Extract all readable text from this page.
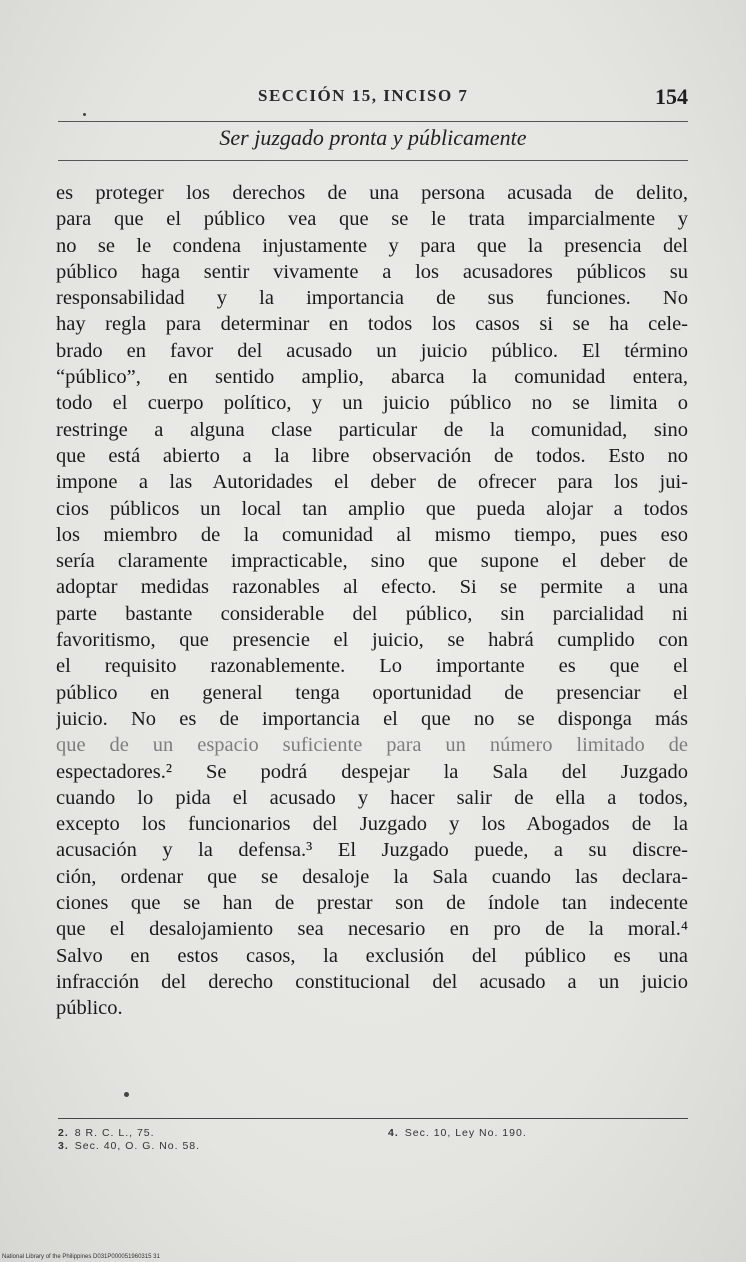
SECCIÓN 15, INCISO 7	154
Ser juzgado pronta y públicamente
es proteger los derechos de una persona acusada de delito,
para que el público vea que se le trata imparcialmente y
no se le condena injustamente y para que la presencia del
público haga sentir vivamente a los acusadores públicos su
responsabilidad y la importancia de sus funciones. No
hay regla para determinar en todos los casos si se ha cele-
brado en favor del acusado un juicio público. El término
“público”, en sentido amplio, abarca la comunidad entera,
todo el cuerpo político, y un juicio público no se limita o
restringe a alguna clase particular de la comunidad, sino
que está abierto a la libre observación de todos. Esto no
impone a las Autoridades el deber de ofrecer para los jui-
cios públicos un local tan amplio que pueda alojar a todos
los miembro de la comunidad al mismo tiempo, pues eso
sería claramente impracticable, sino que supone el deber de
adoptar medidas razonables al efecto. Si se permite a una
parte bastante considerable del público, sin parcialidad ni
favoritismo, que presencie el juicio, se habrá cumplido con
el requisito razonablemente. Lo importante es que el
público en general tenga oportunidad de presenciar el
juicio. No es de importancia el que no se disponga más
que de un espacio suficiente para un número limitado de
espectadores.² Se podrá despejar la Sala del Juzgado
cuando lo pida el acusado y hacer salir de ella a todos,
excepto los funcionarios del Juzgado y los Abogados de la
acusación y la defensa.³ El Juzgado puede, a su discre-
ción, ordenar que se desaloje la Sala cuando las declara-
ciones que se han de prestar son de índole tan indecente
que el desalojamiento sea necesario en pro de la moral.⁴
Salvo en estos casos, la exclusión del público es una
infracción del derecho constitucional del acusado a un juicio
público.
2. 8 R. C. L., 75.
3. Sec. 40, O. G. No. 58.
4. Sec. 10, Ley No. 190.
National Library of the Philippines D031P000051960315 31
